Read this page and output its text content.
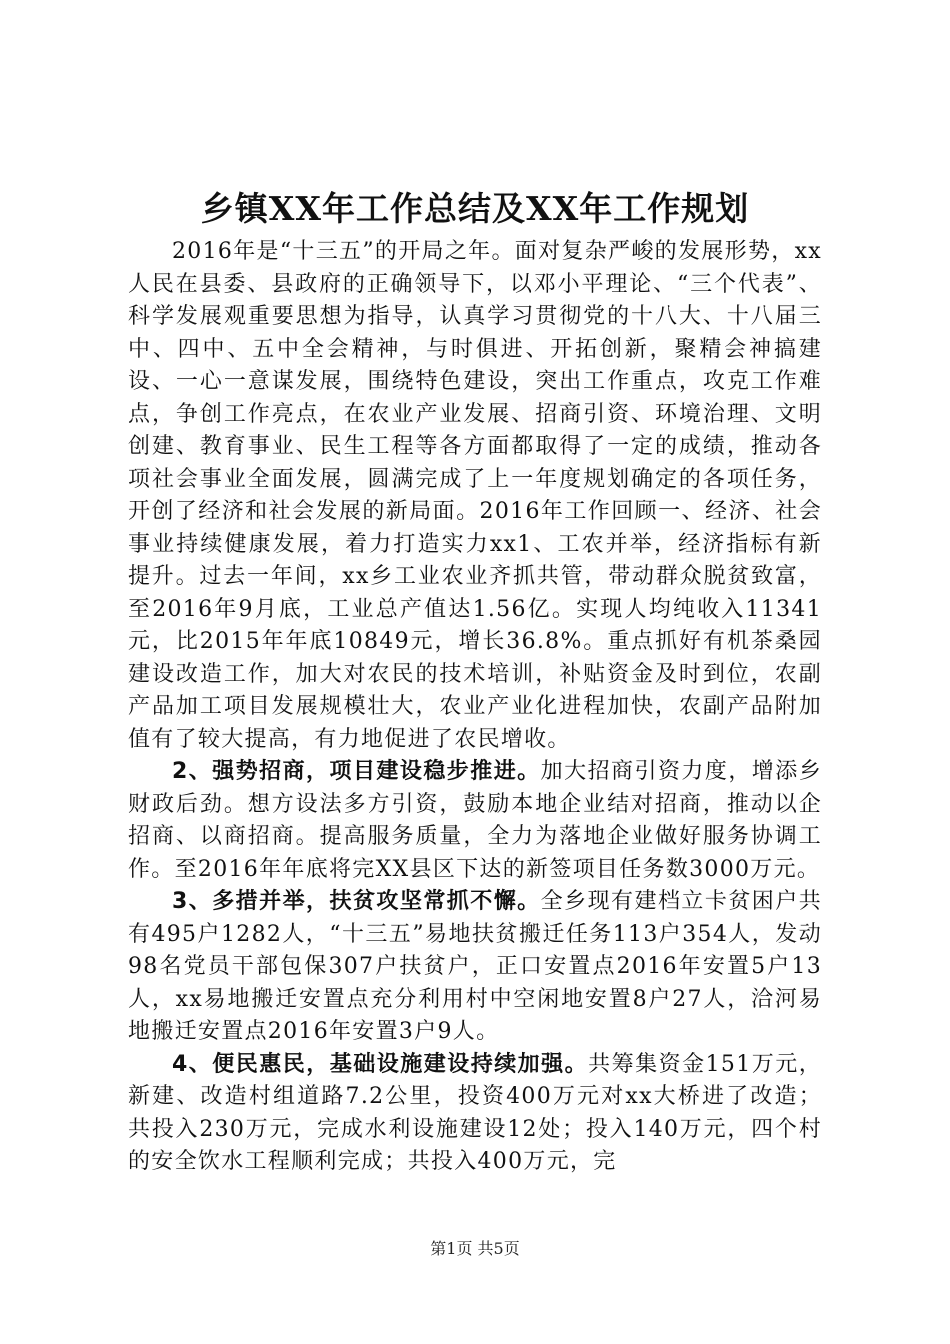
乡镇XX年工作总结及XX年工作规划

2016年是“十三五”的开局之年。面对复杂严峻的发展形势，xx人民在县委、县政府的正确领导下，以邓小平理论、“三个代表”、科学发展观重要思想为指导，认真学习贯彻党的十八大、十八届三中、四中、五中全会精神，与时俱进、开拓创新，聚精会神搞建设、一心一意谋发展，围绕特色建设，突出工作重点，攻克工作难点，争创工作亮点，在农业产业发展、招商引资、环境治理、文明创建、教育事业、民生工程等各方面都取得了一定的成绩，推动各项社会事业全面发展，圆满完成了上一年度规划确定的各项任务，开创了经济和社会发展的新局面。2016年工作回顾一、经济、社会事业持续健康发展，着力打造实力xx1、工农并举，经济指标有新提升。过去一年间，xx乡工业农业齐抓共管，带动群众脱贫致富，至2016年9月底，工业总产值达1.56亿。实现人均纯收入11341元，比2015年年底10849元，增长36.8%。重点抓好有机茶桑园建设改造工作，加大对农民的技术培训，补贴资金及时到位，农副产品加工项目发展规模壮大，农业产业化进程加快，农副产品附加值有了较大提高，有力地促进了农民增收。

2、强势招商，项目建设稳步推进。加大招商引资力度，增添乡财政后劲。想方设法多方引资，鼓励本地企业结对招商，推动以企招商、以商招商。提高服务质量，全力为落地企业做好服务协调工作。至2016年年底将完XX县区下达的新签项目任务数3000万元。

3、多措并举，扶贫攻坚常抓不懈。全乡现有建档立卡贫困户共有495户1282人，“十三五”易地扶贫搬迁任务113户354人，发动98名党员干部包保307户扶贫户，正口安置点2016年安置5户13人，xx易地搬迁安置点充分利用村中空闲地安置8户27人，洽河易地搬迁安置点2016年安置3户9人。

4、便民惠民，基础设施建设持续加强。共筹集资金151万元，新建、改造村组道路7.2公里，投资400万元对xx大桥进了改造；共投入230万元，完成水利设施建设12处；投入140万元，四个村的安全饮水工程顺利完成；共投入400万元，完

第1页 共5页
